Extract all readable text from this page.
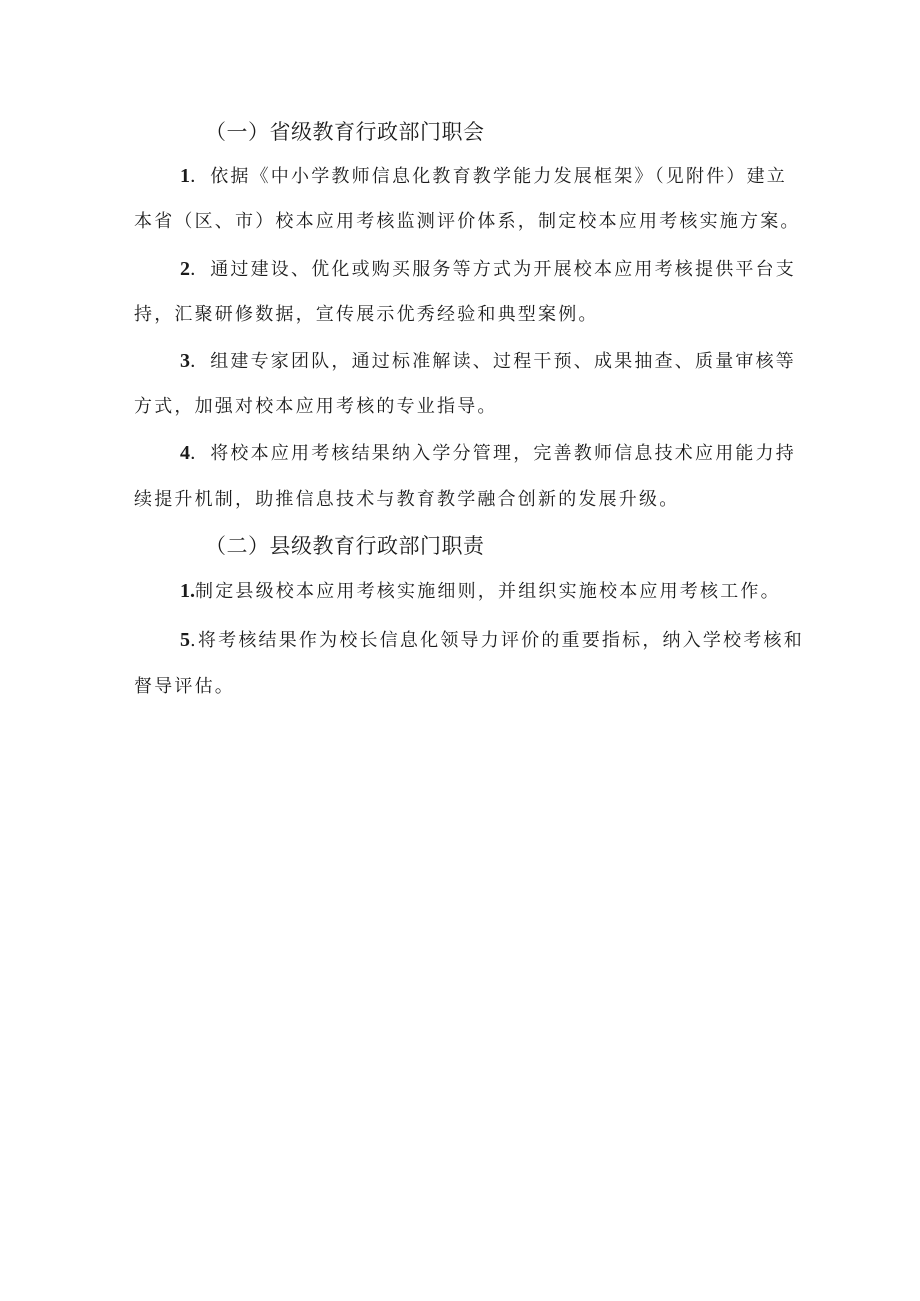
（一）省级教育行政部门职会
1．依据《中小学教师信息化教育教学能力发展框架》（见附件）建立
本省（区、市）校本应用考核监测评价体系，制定校本应用考核实施方案。
2．通过建设、优化或购买服务等方式为开展校本应用考核提供平台支
持，汇聚研修数据，宣传展示优秀经验和典型案例。
3．组建专家团队，通过标准解读、过程干预、成果抽查、质量审核等
方式，加强对校本应用考核的专业指导。
4．将校本应用考核结果纳入学分管理，完善教师信息技术应用能力持
续提升机制，助推信息技术与教育教学融合创新的发展升级。
（二）县级教育行政部门职责
1.制定县级校本应用考核实施细则，并组织实施校本应用考核工作。
5.将考核结果作为校长信息化领导力评价的重要指标，纳入学校考核和
督导评估。
